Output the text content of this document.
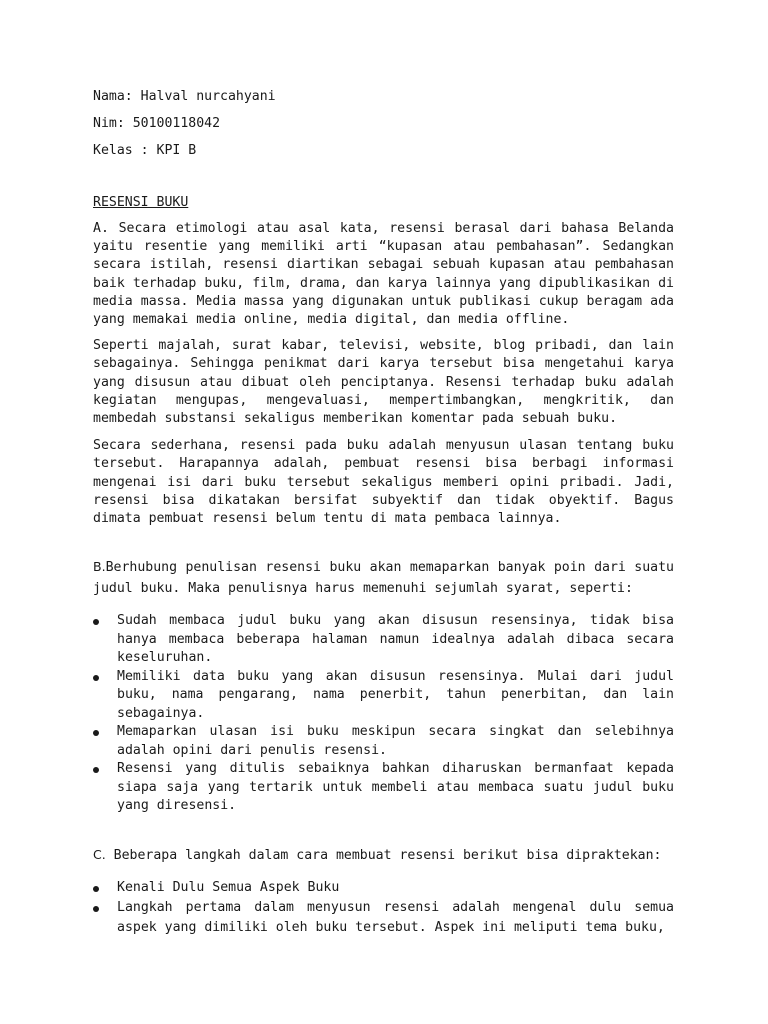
Nama: Halval nurcahyani

Nim: 50100118042

Kelas : KPI B

RESENSI BUKU

A. Secara etimologi atau asal kata, resensi berasal dari bahasa Belanda yaitu resentie yang memiliki arti “kupasan atau pembahasan”. Sedangkan secara istilah, resensi diartikan sebagai sebuah kupasan atau pembahasan baik terhadap buku, film, drama, dan karya lainnya yang dipublikasikan di media massa. Media massa yang digunakan untuk publikasi cukup beragam ada yang memakai media online, media digital, dan media offline.

Seperti majalah, surat kabar, televisi, website, blog pribadi, dan lain sebagainya. Sehingga penikmat dari karya tersebut bisa mengetahui karya yang disusun atau dibuat oleh penciptanya. Resensi terhadap buku adalah kegiatan mengupas, mengevaluasi, mempertimbangkan, mengkritik, dan membedah substansi sekaligus memberikan komentar pada sebuah buku.

Secara sederhana, resensi pada buku adalah menyusun ulasan tentang buku tersebut. Harapannya adalah, pembuat resensi bisa berbagi informasi mengenai isi dari buku tersebut sekaligus memberi opini pribadi. Jadi, resensi bisa dikatakan bersifat subyektif dan tidak obyektif. Bagus dimata pembuat resensi belum tentu di mata pembaca lainnya.

B.Berhubung penulisan resensi buku akan memaparkan banyak poin dari suatu judul buku. Maka penulisnya harus memenuhi sejumlah syarat, seperti:

Sudah membaca judul buku yang akan disusun resensinya, tidak bisa hanya membaca beberapa halaman namun idealnya adalah dibaca secara keseluruhan.
Memiliki data buku yang akan disusun resensinya. Mulai dari judul buku, nama pengarang, nama penerbit, tahun penerbitan, dan lain sebagainya.
Memaparkan ulasan isi buku meskipun secara singkat dan selebihnya adalah opini dari penulis resensi.
Resensi yang ditulis sebaiknya bahkan diharuskan bermanfaat kepada siapa saja yang tertarik untuk membeli atau membaca suatu judul buku yang diresensi.

C. Beberapa langkah dalam cara membuat resensi berikut bisa dipraktekan:

Kenali Dulu Semua Aspek Buku
Langkah pertama dalam menyusun resensi adalah mengenal dulu semua aspek yang dimiliki oleh buku tersebut. Aspek ini meliputi tema buku,
